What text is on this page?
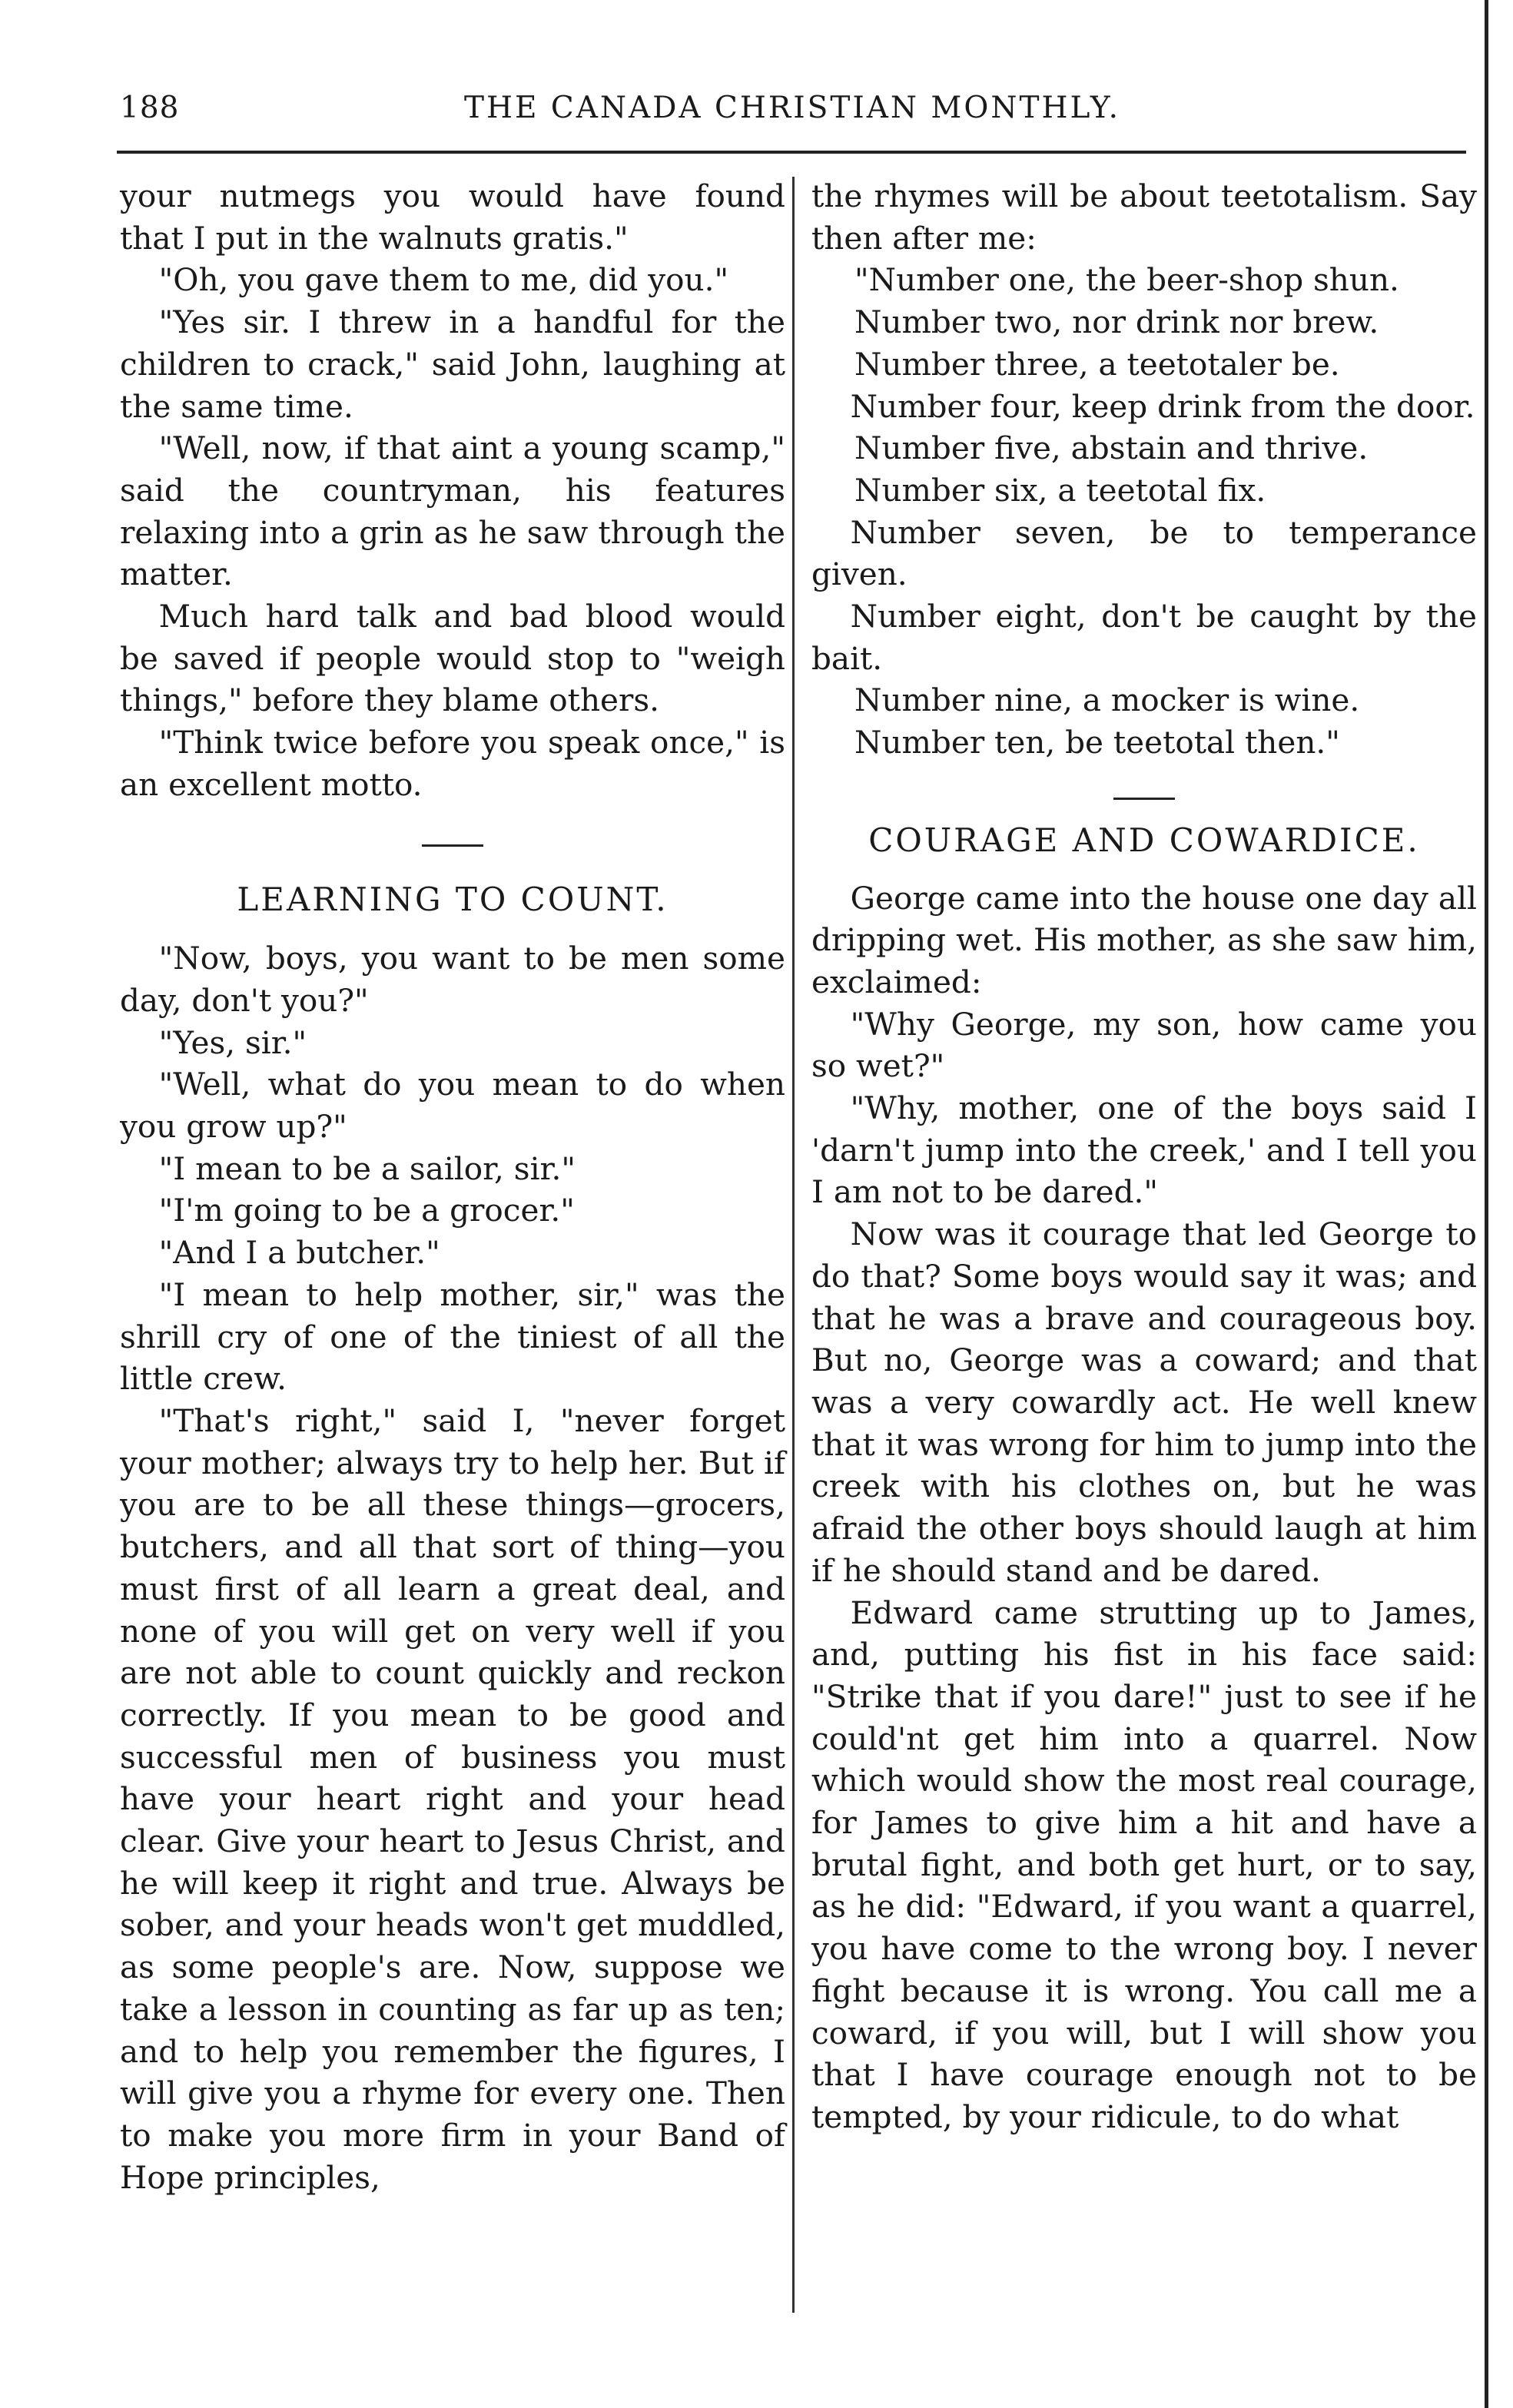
188	THE CANADA CHRISTIAN MONTHLY.

your nutmegs you would have found

that I put in the walnuts gratis."

"Oh, you gave them to me, did you."

"Yes sir. I threw in a handful for the children to crack," said John, laughing at the same time.

"Well, now, if that aint a young scamp," said the countryman, his features relaxing into a grin as he saw through the matter.

Much hard talk and bad blood would be saved if people would stop to "weigh things," before they blame others.

"Think twice before you speak once," is an excellent motto.

LEARNING TO COUNT.

"Now, boys, you want to be men some day, don't you?"

"Yes, sir."

"Well, what do you mean to do when you grow up?"

"I mean to be a sailor, sir."

"I'm going to be a grocer."

"And I a butcher."

"I mean to help mother, sir," was the shrill cry of one of the tiniest of all the little crew.

"That's right," said I, "never forget your mother; always try to help her. But if you are to be all these things—grocers, butchers, and all that sort of thing—you must first of all learn a great deal, and none of you will get on very well if you are not able to count quickly and reckon correctly. If you mean to be good and successful men of business you must have your heart right and your head clear. Give your heart to Jesus Christ, and he will keep it right and true. Always be sober, and your heads won't get muddled, as some people's are. Now, suppose we take a lesson in counting as far up as ten; and to help you remember the figures, I will give you a rhyme for every one. Then to make you more firm in your Band of Hope principles,

the rhymes will be about teetotalism. Say then after me:

"Number one, the beer-shop shun.

Number two, nor drink nor brew.

Number three, a teetotaler be.

Number four, keep drink from the door.

Number five, abstain and thrive.

Number six, a teetotal fix.

Number seven, be to temperance given.

Number eight, don't be caught by the bait.

Number nine, a mocker is wine.

Number ten, be teetotal then."

COURAGE AND COWARDICE.

George came into the house one day all dripping wet. His mother, as she saw him, exclaimed:

"Why George, my son, how came you so wet?"

"Why, mother, one of the boys said I 'darn't jump into the creek,' and I tell you I am not to be dared."

Now was it courage that led George to do that? Some boys would say it was; and that he was a brave and courageous boy. But no, George was a coward; and that was a very cowardly act. He well knew that it was wrong for him to jump into the creek with his clothes on, but he was afraid the other boys should laugh at him if he should stand and be dared.

Edward came strutting up to James, and, putting his fist in his face said: "Strike that if you dare!" just to see if he could'nt get him into a quarrel. Now which would show the most real courage, for James to give him a hit and have a brutal fight, and both get hurt, or to say, as he did: "Edward, if you want a quarrel, you have come to the wrong boy. I never fight because it is wrong. You call me a coward, if you will, but I will show you that I have courage enough not to be tempted, by your ridicule, to do what
